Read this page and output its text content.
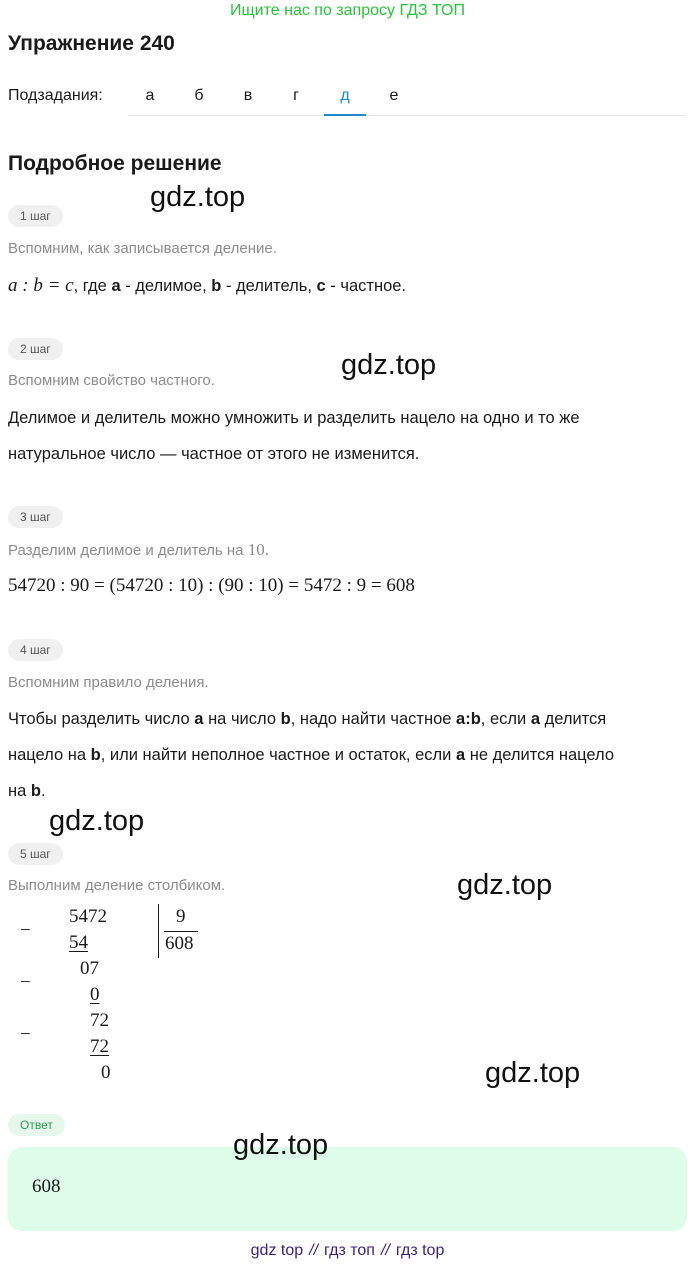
Ищите нас по запросу ГДЗ ТОП
Упражнение 240
Подзадания:	а	б	в	г	д	е
Подробное решение
1 шаг
Вспомним, как записывается деление.
a : b = c, где a - делимое, b - делитель, c - частное.
2 шаг
Вспомним свойство частного.
Делимое и делитель можно умножить и разделить нацело на одно и то же
натуральное число — частное от этого не изменится.
3 шаг
Разделим делимое и делитель на 10.
54720 : 90 = (54720 : 10) : (90 : 10) = 5472 : 9 = 608
4 шаг
Вспомним правило деления.
Чтобы разделить число a на число b, надо найти частное a:b, если a делится
нацело на b, или найти неполное частное и остаток, если a не делится нацело
на b.
5 шаг
Выполним деление столбиком.
−
−
−
5472
54
07
0
72
72
0
9
608
Ответ
608
gdz.top
gdz.top
gdz.top
gdz.top
gdz.top
gdz.top
gdz top // гдз топ // гдз top
